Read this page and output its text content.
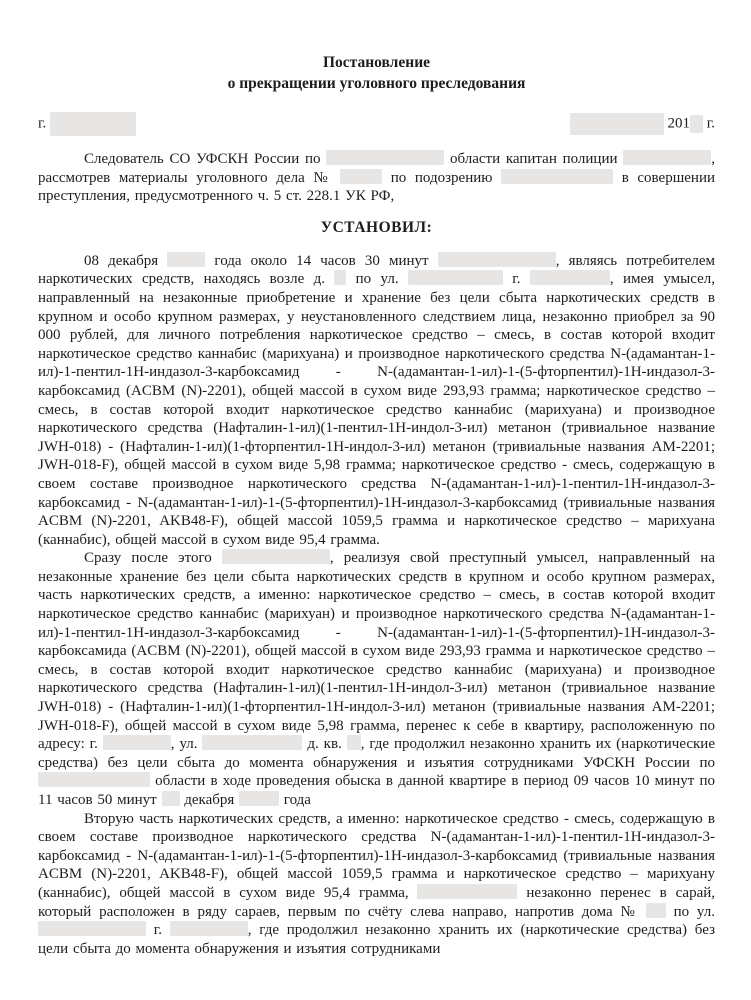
Постановление
о прекращении уголовного преследования
г.	201 г.

Следователь СО УФСКН России по	области капитан полиции	, рассмотрев материалы уголовного дела №	по подозрению	в совершении преступления, предусмотренного ч. 5 ст. 228.1 УК РФ,

УСТАНОВИЛ:

08 декабря	года около 14 часов 30 минут	, являясь потребителем наркотических средств, находясь возле д.  по ул.	г.	, имея умысел, направленный на незаконные приобретение и хранение без цели сбыта наркотических средств в крупном и особо крупном размерах, у неустановленного следствием лица, незаконно приобрел за 90 000 рублей, для личного потребления наркотическое средство – смесь, в состав которой входит наркотическое средство каннабис (марихуана) и производное наркотического средства N-(адамантан-1-ил)-1-пентил-1Н-индазол-3-карбоксамид - N-(адамантан-1-ил)-1-(5-фторпентил)-1Н-индазол-3-карбоксамид (ACBM (N)-2201), общей массой в сухом виде 293,93 грамма; наркотическое средство – смесь, в состав которой входит наркотическое средство каннабис (марихуана) и производное наркотического средства (Нафталин-1-ил)(1-пентил-1Н-индол-3-ил) метанон (тривиальное название JWH-018) - (Нафталин-1-ил)(1-фторпентил-1Н-индол-3-ил) метанон (тривиальные названия AM-2201; JWH-018-F), общей массой в сухом виде 5,98 грамма; наркотическое средство - смесь, содержащую в своем составе производное наркотического средства N-(адамантан-1-ил)-1-пентил-1Н-индазол-3-карбоксамид - N-(адамантан-1-ил)-1-(5-фторпентил)-1Н-индазол-3-карбоксамид (тривиальные названия ACBM (N)-2201, AKB48-F), общей массой 1059,5 грамма и наркотическое средство – марихуана (каннабис), общей массой в сухом виде 95,4 грамма.

Сразу после этого	, реализуя свой преступный умысел, направленный на незаконные хранение без цели сбыта наркотических средств в крупном и особо крупном размерах, часть наркотических средств, а именно: наркотическое средство – смесь, в состав которой входит наркотическое средство каннабис (марихуан) и производное наркотического средства N-(адамантан-1-ил)-1-пентил-1Н-индазол-3-карбоксамид - N-(адамантан-1-ил)-1-(5-фторпентил)-1Н-индазол-3-карбоксамида (ACBM (N)-2201), общей массой в сухом виде 293,93 грамма и наркотическое средство – смесь, в состав которой входит наркотическое средство каннабис (марихуана) и производное наркотического средства (Нафталин-1-ил)(1-пентил-1Н-индол-3-ил) метанон (тривиальное название JWH-018) - (Нафталин-1-ил)(1-фторпентил-1Н-индол-3-ил) метанон (тривиальные названия AM-2201; JWH-018-F), общей массой в сухом виде 5,98 грамма, перенес к себе в квартиру, расположенную по адресу: г.	, ул.	д. кв. , где продолжил незаконно хранить их (наркотические средства) без цели сбыта до момента обнаружения и изъятия сотрудниками УФСКН России по  области в ходе проведения обыска в данной квартире в период 09 часов 10 минут по 11 часов 50 минут  декабря	года

Вторую часть наркотических средств, а именно: наркотическое средство - смесь, содержащую в своем составе производное наркотического средства N-(адамантан-1-ил)-1-пентил-1Н-индазол-3-карбоксамид - N-(адамантан-1-ил)-1-(5-фторпентил)-1Н-индазол-3-карбоксамид (тривиальные названия ACBM (N)-2201, AKB48-F), общей массой 1059,5 грамма и наркотическое средство – марихуану (каннабис), общей массой в сухом виде 95,4 грамма,	незаконно перенес в сарай, который расположен в ряду сараев, первым по счёту слева направо, напротив дома №  по ул.  г.	, где продолжил незаконно хранить их (наркотические средства) без цели сбыта до момента обнаружения и изъятия сотрудниками
